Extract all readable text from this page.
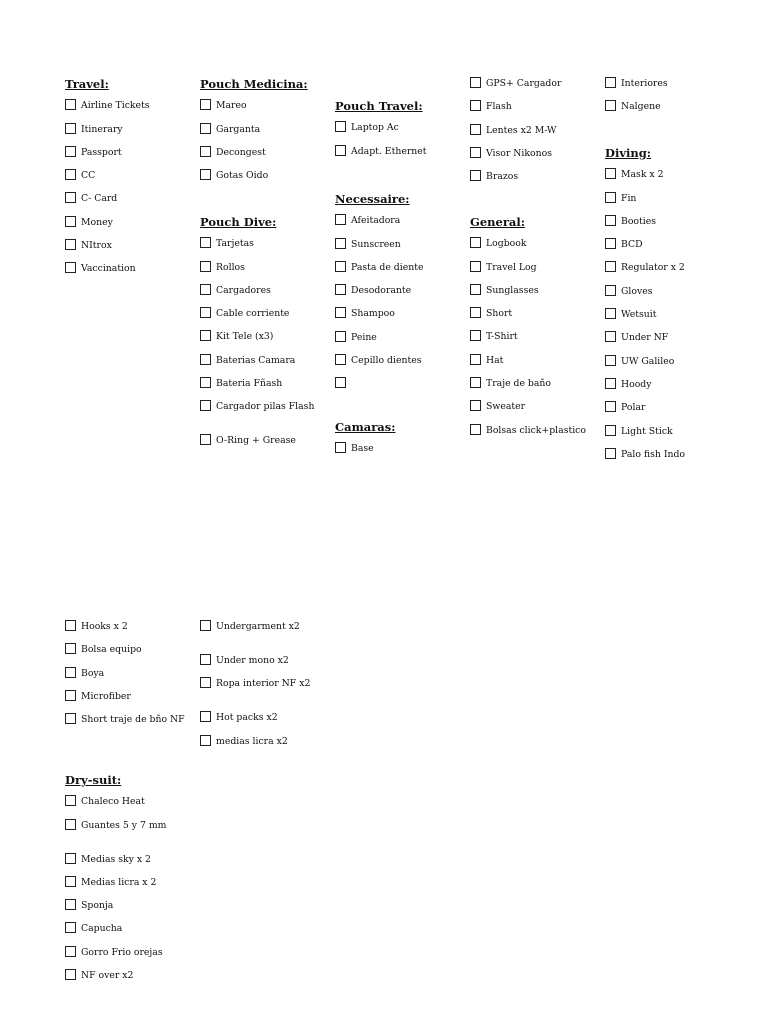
Travel:
Airline Tickets
Itinerary
Passport
CC
C- Card
Money
NItrox
Vaccination
Pouch Medicina:
Mareo
Garganta
Decongest
Gotas Oido
Pouch Dive:
Tarjetas
Rollos
Cargadores
Cable corriente
Kit Tele (x3)
Baterias Camara
Bateria Fñash
Cargador pilas Flash
O-Ring + Grease
Pouch Travel:
Laptop Ac
Adapt. Ethernet
Necessaire:
Afeitadora
Sunscreen
Pasta de diente
Desodorante
Shampoo
Peine
Cepillo dientes
Camaras:
Base
GPS+ Cargador
Flash
Lentes x2 M-W
Visor Nikonos
Brazos
General:
Logbook
Travel Log
Sunglasses
Short
T-Shirt
Hat
Traje de baño
Sweater
Bolsas click+plastico
Interiores
Nalgene
Diving:
Mask x 2
Fin
Booties
BCD
Regulator x 2
Gloves
Wetsuit
Under NF
UW Galileo
Hoody
Polar
Light Stick
Palo fish Indo
Hooks x 2
Bolsa equipo
Boya
Microfiber
Short traje de bño NF
Dry-suit:
Chaleco Heat
Guantes 5 y 7 mm
Medias sky x 2
Medias licra x 2
Sponja
Capucha
Gorro Frio orejas
NF over x2
Undergarment x2
Under mono x2
Ropa interior NF x2
Hot packs x2
medias licra x2
